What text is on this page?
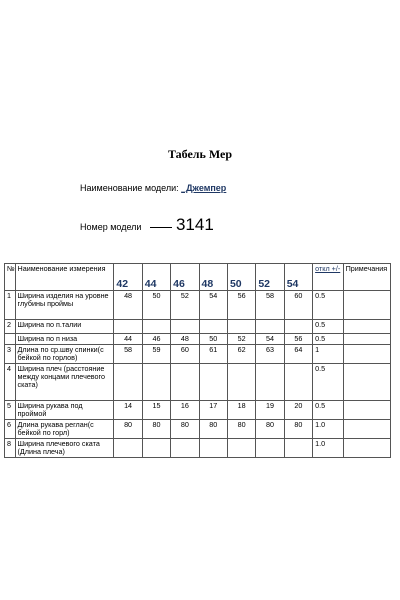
Табель Мер
Наименование модели: _Джемпер
Номер модели 3141
№	Наименование измерения	42	44	46	48	50	52	54	откл +/-	Примечания
1	Ширина изделия на уровне глубины проймы	48	50	52	54	56	58	60	0.5	
2	Ширина по п.талии								0.5	
	Ширина по п низа	44	46	48	50	52	54	56	0.5	
3	Длина по ср.шву спинки(с бейкой по горлов)	58	59	60	61	62	63	64	1	
4	Ширина плеч (расстояние между концами плечевого ската)								0.5	
5	Ширина рукава под проймой	14	15	16	17	18	19	20	0.5	
6	Длина рукава реглан(с бейкой по горл)	80	80	80	80	80	80	80	1.0	
8	Ширина плечевого ската (Длина плеча)								1.0	
